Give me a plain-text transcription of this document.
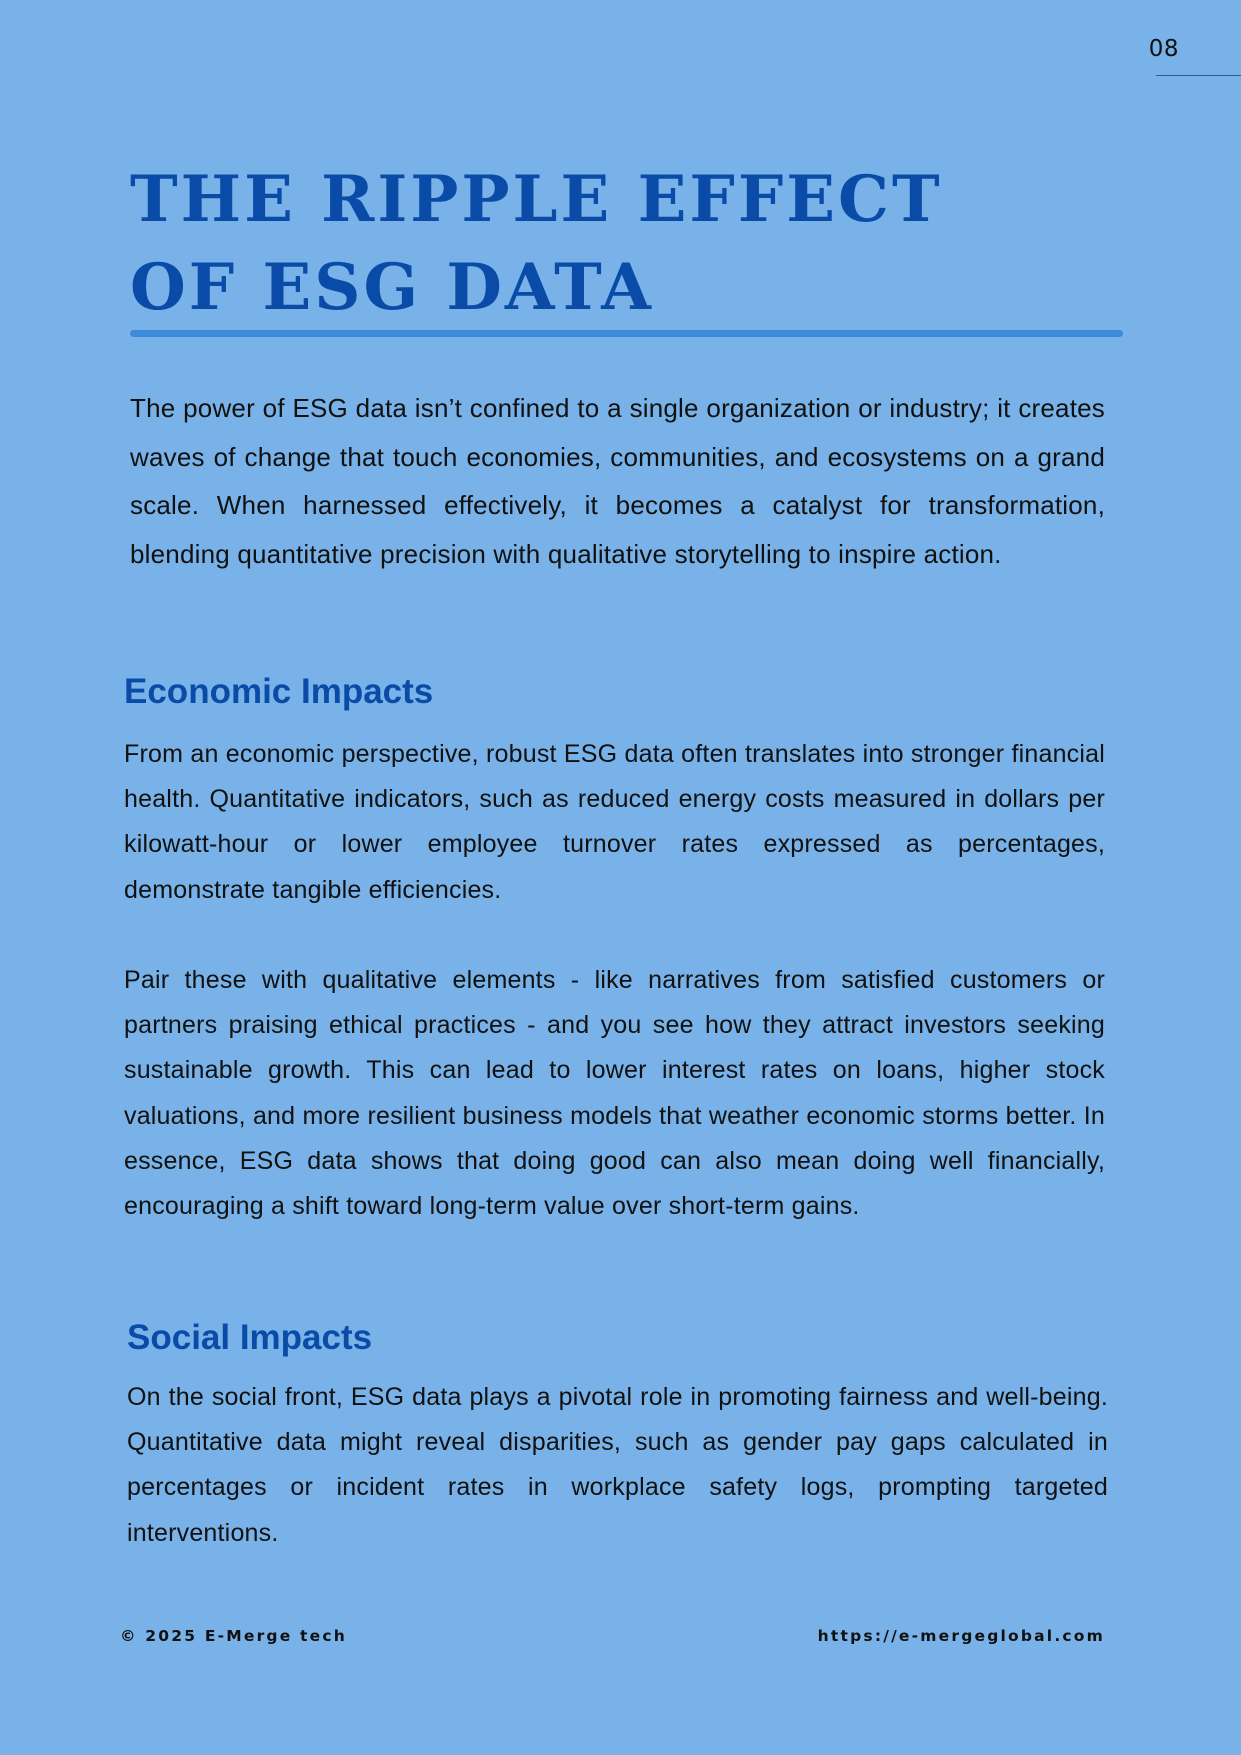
08
THE RIPPLE EFFECT
OF ESG DATA

The power of ESG data isn’t confined to a single organization or industry; it creates waves of change that touch economies, communities, and ecosystems on a grand scale. When harnessed effectively, it becomes a catalyst for transformation, blending quantitative precision with qualitative storytelling to inspire action.

Economic Impacts

From an economic perspective, robust ESG data often translates into stronger financial health. Quantitative indicators, such as reduced energy costs measured in dollars per kilowatt-hour or lower employee turnover rates expressed as percentages, demonstrate tangible efficiencies.

Pair these with qualitative elements - like narratives from satisfied customers or partners praising ethical practices - and you see how they attract investors seeking sustainable growth. This can lead to lower interest rates on loans, higher stock valuations, and more resilient business models that weather economic storms better. In essence, ESG data shows that doing good can also mean doing well financially, encouraging a shift toward long-term value over short-term gains.

Social Impacts

On the social front, ESG data plays a pivotal role in promoting fairness and well-being. Quantitative data might reveal disparities, such as gender pay gaps calculated in percentages or incident rates in workplace safety logs, prompting targeted interventions.

© 2025 E-Merge tech	https://e-mergeglobal.com
